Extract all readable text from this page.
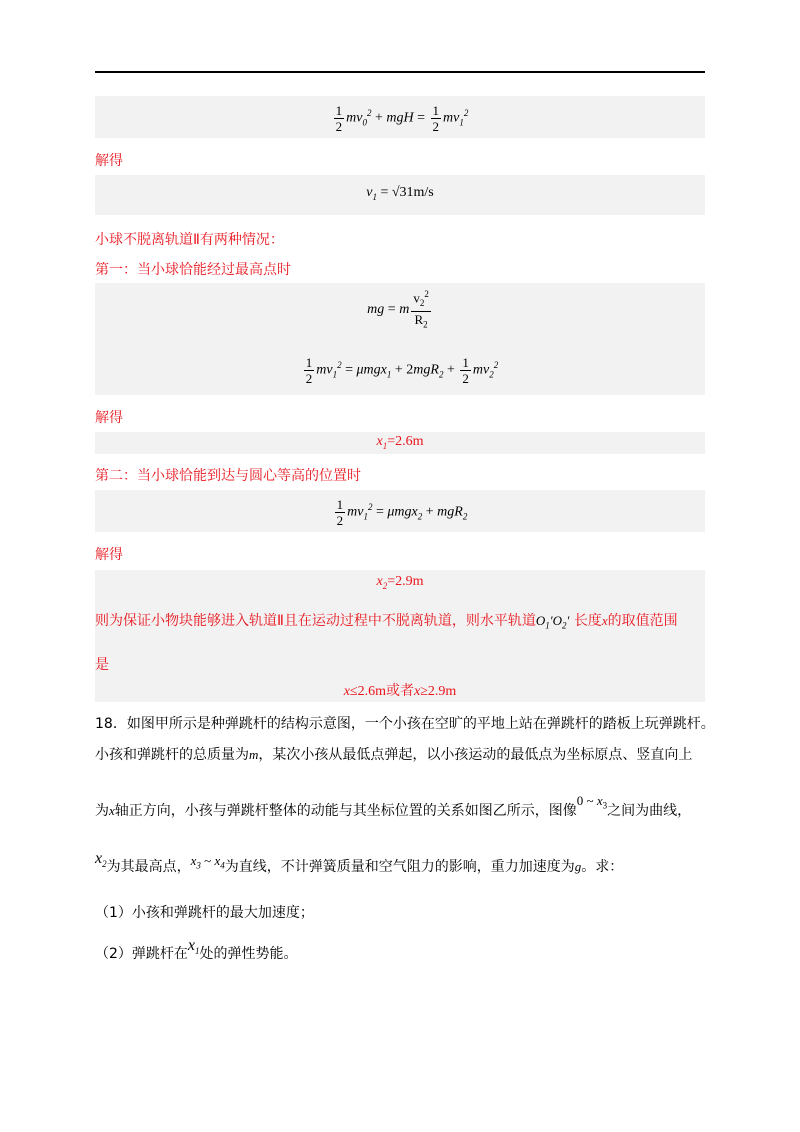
$\frac{1}{2} mv_0^2$ + mgH = $\frac{1}{2} mv_1^2$
解得
$v_1 = √31m/s$
小球不脱离轨道Ⅱ有两种情况：
第一：当小球恰能经过最高点时
mg = m $\frac{v_2^2}{R_2}$
$\frac{1}{2} mv_1^2 = \mu mgx_1 + 2mgR_2 + \frac{1}{2} mv_2^2$
解得
$x_1=2.6m$
第二：当小球恰能到达与圆心等高的位置时
$\frac{1}{2} mv_1^2 = \mu mgx_2 + mgR_2$
解得
$x_2=2.9m$
则为保证小物块能够进入轨道Ⅱ且在运动过程中不脱离轨道，则水平轨道$O_1'O_2'$ 长度x的取值范围
是
x≤2.6m或者x≥2.9m
18．如图甲所示是种弹跳杆的结构示意图，一个小孩在空旷的平地上站在弹跳杆的踏板上玩弹跳杆。
小孩和弹跳杆的总质量为m，某次小孩从最低点弹起，以小孩运动的最低点为坐标原点、竖直向上
为x轴正方向，小孩与弹跳杆整体的动能与其坐标位置的关系如图乙所示，图像0 ~ $x_3$之间为曲线，
$x_2$为其最高点，$x_3$ ~ $x_4$为直线，不计弹簧质量和空气阻力的影响，重力加速度为g。求：
（1）小孩和弹跳杆的最大加速度；
（2）弹跳杆在$x_1$处的弹性势能。
